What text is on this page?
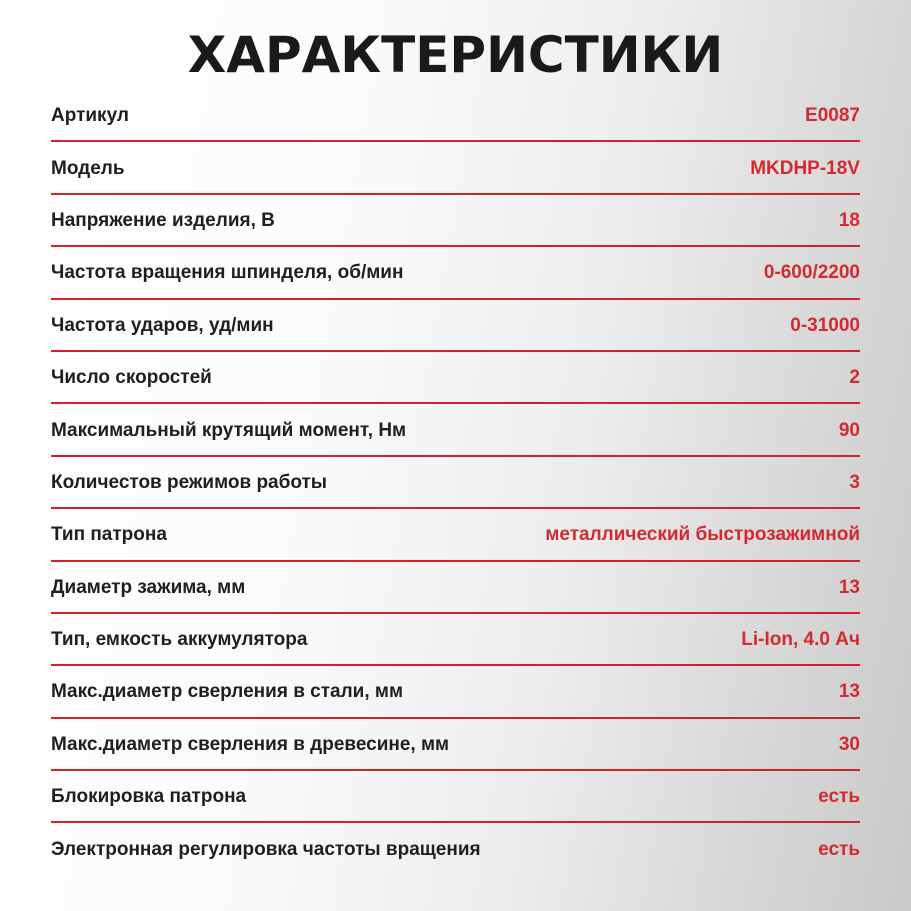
ХАРАКТЕРИСТИКИ
Артикул	E0087
Модель	MKDHP-18V
Напряжение изделия, В	18
Частота вращения шпинделя, об/мин	0-600/2200
Частота ударов, уд/мин	0-31000
Число скоростей	2
Максимальный крутящий момент, Нм	90
Количестов режимов работы	3
Тип патрона	металлический быстрозажимной
Диаметр зажима, мм	13
Тип, емкость аккумулятора	Li-Ion, 4.0 Ач
Макс.диаметр сверления в стали, мм	13
Макс.диаметр сверления в древесине, мм	30
Блокировка патрона	есть
Электронная регулировка частоты вращения	есть
